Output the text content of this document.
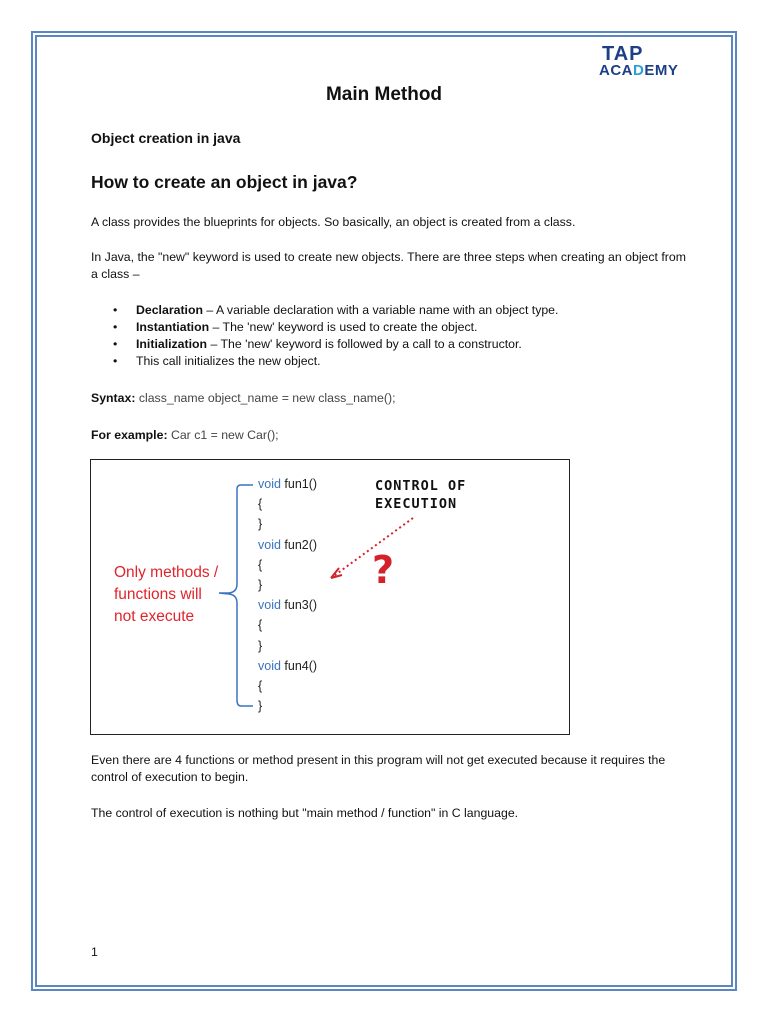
TAP
ACADEMY
Main Method
Object creation in java
How to create an object in java?
A class provides the blueprints for objects. So basically, an object is created from a class.
In Java, the "new" keyword is used to create new objects. There are three steps when creating an object from a class –
• Declaration – A variable declaration with a variable name with an object type.
• Instantiation – The 'new' keyword is used to create the object.
• Initialization – The 'new' keyword is followed by a call to a constructor.
• This call initializes the new object.
Syntax: class_name object_name = new class_name();
For example: Car c1 = new Car();
void fun1()
{
}
void fun2()
{
}
void fun3()
{
}
void fun4()
{
}
Only methods /
functions will
not execute
CONTROL OF
EXECUTION
?
Even there are 4 functions or method present in this program will not get executed because it requires the control of execution to begin.
The control of execution is nothing but "main method / function" in C language.
1
